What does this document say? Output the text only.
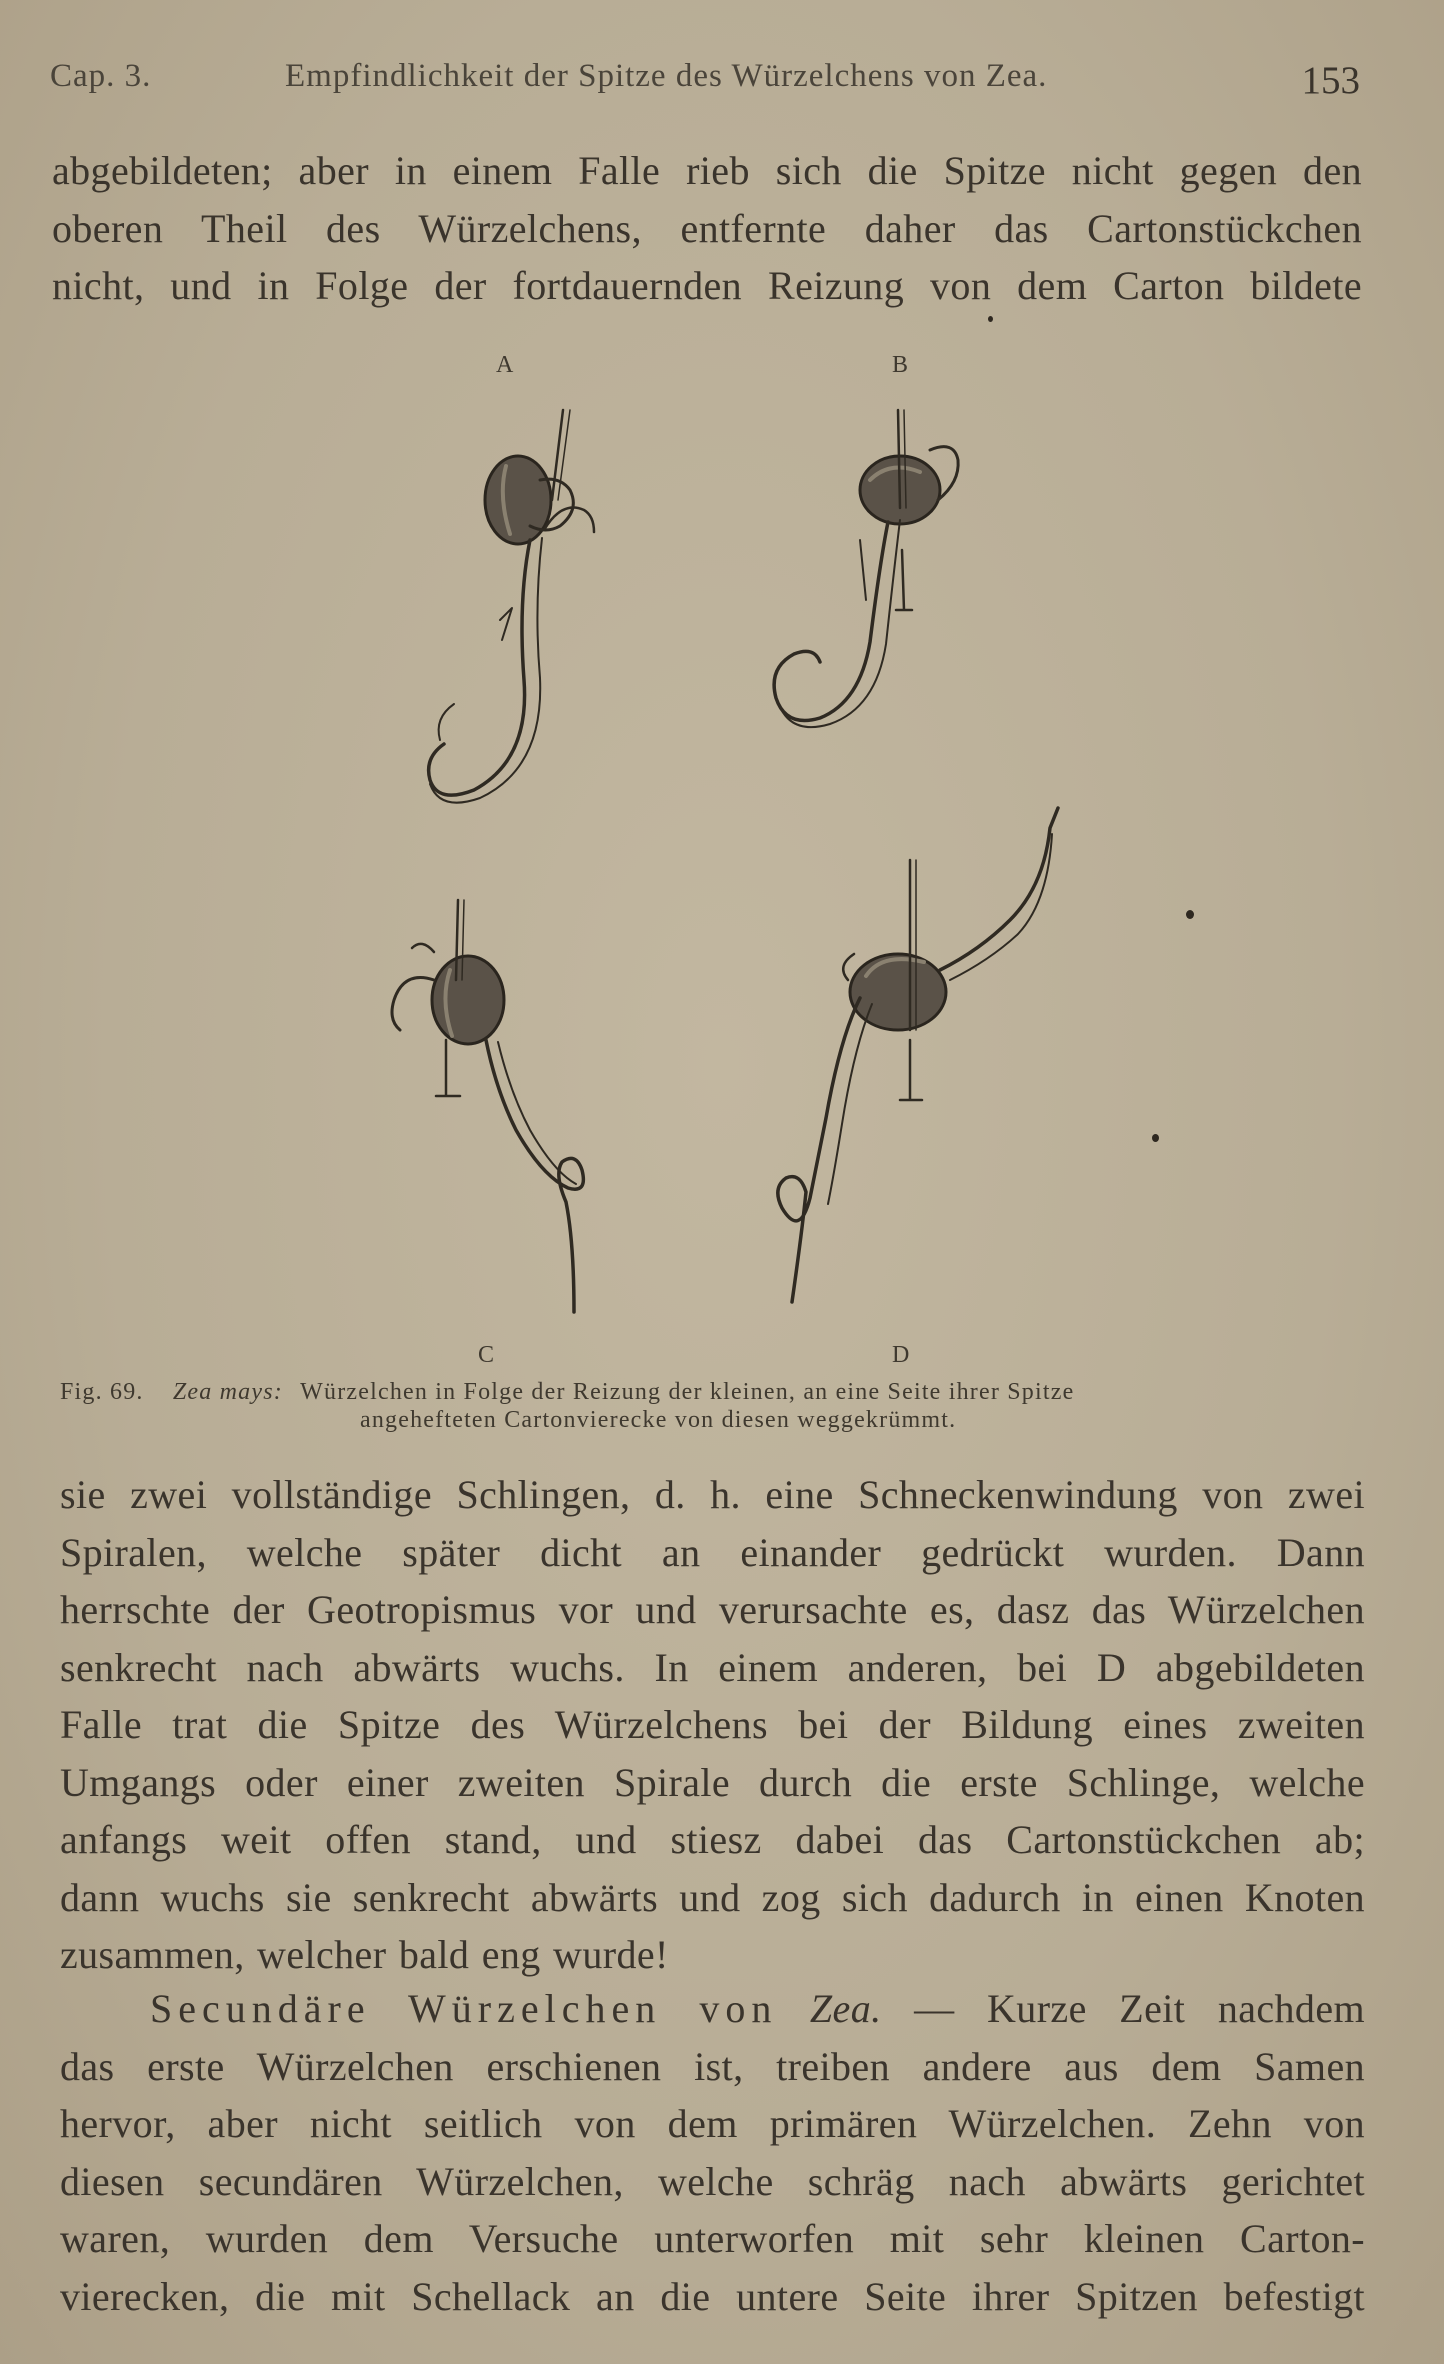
Cap. 3.	Empfindlichkeit der Spitze des Würzelchens von Zea.	153
abgebildeten; aber in einem Falle rieb sich die Spitze nicht gegen den
oberen Theil des Würzelchens, entfernte daher das Cartonstückchen
nicht, und in Folge der fortdauernden Reizung von dem Carton bildete
A	B
C	D
Fig. 69. Zea mays: Würzelchen in Folge der Reizung der kleinen, an eine Seite ihrer Spitze
angehefteten Cartonvierecke von diesen weggekrümmt.
sie zwei vollständige Schlingen, d. h. eine Schneckenwindung von zwei
Spiralen, welche später dicht an einander gedrückt wurden. Dann
herrschte der Geotropismus vor und verursachte es, dasz das Würzelchen
senkrecht nach abwärts wuchs. In einem anderen, bei D abgebildeten
Falle trat die Spitze des Würzelchens bei der Bildung eines zweiten
Umgangs oder einer zweiten Spirale durch die erste Schlinge, welche
anfangs weit offen stand, und stiesz dabei das Cartonstückchen ab;
dann wuchs sie senkrecht abwärts und zog sich dadurch in einen Knoten
zusammen, welcher bald eng wurde!
Secundäre Würzelchen von Zea. — Kurze Zeit nachdem
das erste Würzelchen erschienen ist, treiben andere aus dem Samen
hervor, aber nicht seitlich von dem primären Würzelchen. Zehn von
diesen secundären Würzelchen, welche schräg nach abwärts gerichtet
waren, wurden dem Versuche unterworfen mit sehr kleinen Carton-
vierecken, die mit Schellack an die untere Seite ihrer Spitzen befestigt
